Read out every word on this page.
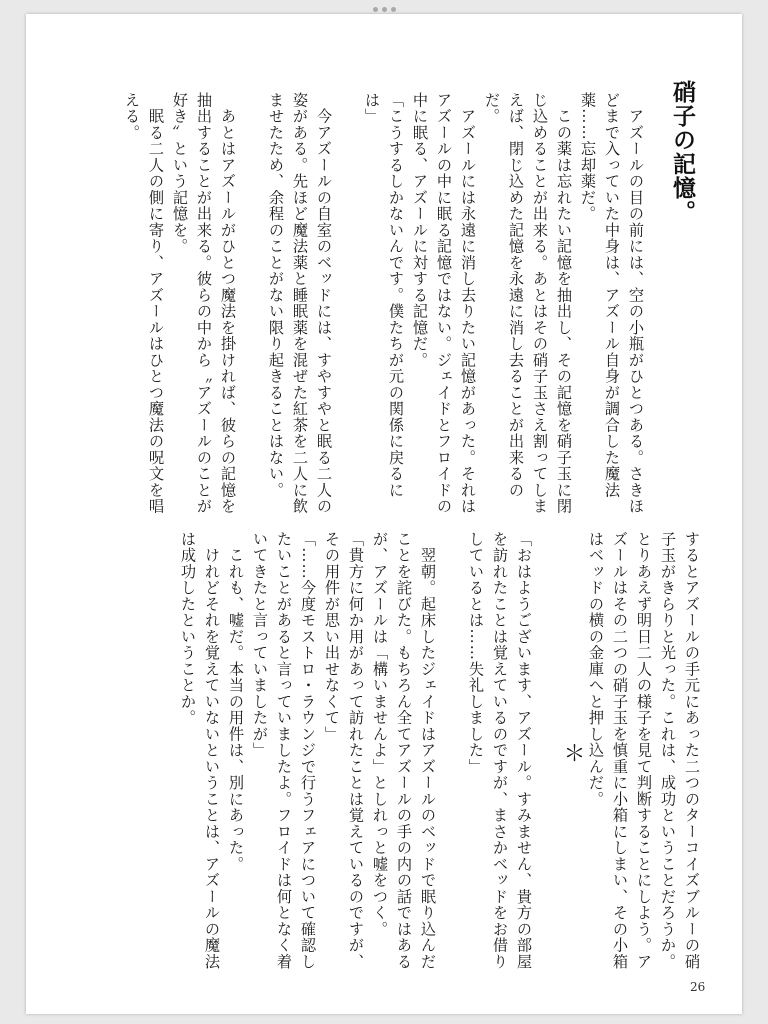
硝子の記憶。

　アズールの目の前には、空の小瓶がひとつある。さきほどまで入っていた中身は、アズール自身が調合した魔法薬……忘却薬だ。

　この薬は忘れたい記憶を抽出し、その記憶を硝子玉に閉じ込めることが出来る。あとはその硝子玉さえ割ってしまえば、閉じ込めた記憶を永遠に消し去ることが出来るのだ。

　アズールには永遠に消し去りたい記憶があった。それはアズールの中に眠る記憶ではない。ジェイドとフロイドの中に眠る、アズールに対する記憶だ。

「こうするしかないんです。僕たちが元の関係に戻るには」

　今アズールの自室のベッドには、すやすやと眠る二人の姿がある。先ほど魔法薬と睡眠薬を混ぜた紅茶を二人に飲ませたため、余程のことがない限り起きることはない。

　あとはアズールがひとつ魔法を掛ければ、彼らの記憶を抽出することが出来る。彼らの中から〝アズールのことが好き〟という記憶を。

　眠る二人の側に寄り、アズールはひとつ魔法の呪文を唱える。

するとアズールの手元にあった二つのターコイズブルーの硝子玉がきらりと光った。これは、成功ということだろうか。とりあえず明日二人の様子を見て判断することにしよう。アズールはその二つの硝子玉を慎重に小箱にしまい、その小箱はベッドの横の金庫へと押し込んだ。

＊

「おはようございます、アズール。すみません、貴方の部屋を訪れたことは覚えているのですが、まさかベッドをお借りしているとは……失礼しました」

　翌朝。起床したジェイドはアズールのベッドで眠り込んだことを詫びた。もちろん全てアズールの手の内の話ではあるが、アズールは「構いませんよ」としれっと嘘をつく。

「貴方に何か用があって訪れたことは覚えているのですが、その用件が思い出せなくて」

「……今度モストロ・ラウンジで行うフェアについて確認したいことがあると言っていましたよ。フロイドは何となく着いてきたと言っていましたが」

　これも、嘘だ。本当の用件は、別にあった。

　けれどそれを覚えていないということは、アズールの魔法は成功したということか。

26
